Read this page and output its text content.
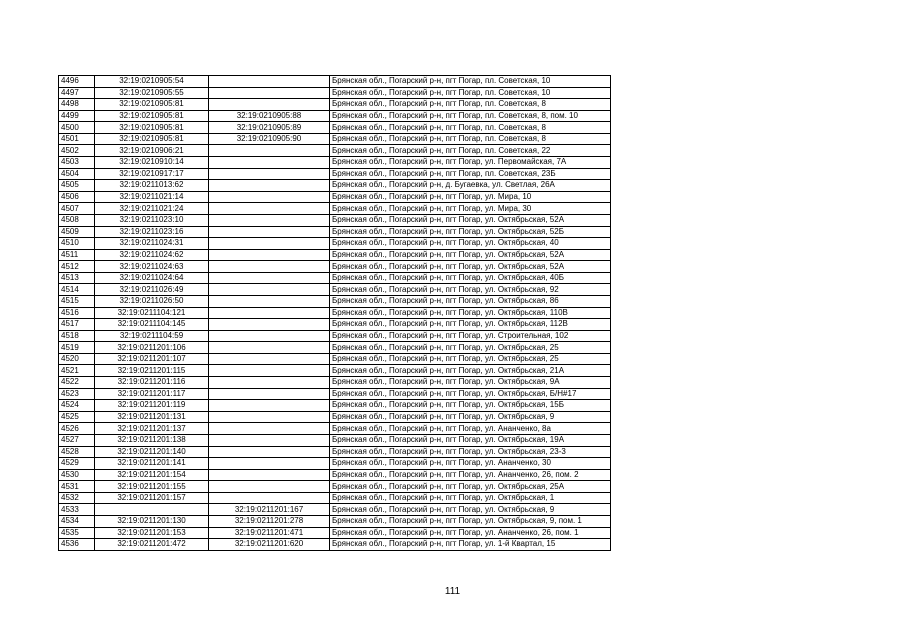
4496	32:19:0210905:54		Брянская обл., Погарский р-н, пгт Погар, пл. Советская, 10
4497	32:19:0210905:55		Брянская обл., Погарский р-н, пгт Погар, пл. Советская, 10
4498	32:19:0210905:81		Брянская обл., Погарский р-н, пгт Погар, пл. Советская, 8
4499	32:19:0210905:81	32:19:0210905:88	Брянская обл., Погарский р-н, пгт Погар, пл. Советская, 8, пом. 10
4500	32:19:0210905:81	32:19:0210905:89	Брянская обл., Погарский р-н, пгт Погар, пл. Советская, 8
4501	32:19:0210905:81	32:19:0210905:90	Брянская обл., Погарский р-н, пгт Погар, пл. Советская, 8
4502	32:19:0210906:21		Брянская обл., Погарский р-н, пгт Погар, пл. Советская, 22
4503	32:19:0210910:14		Брянская обл., Погарский р-н, пгт Погар, ул. Первомайская, 7А
4504	32:19:0210917:17		Брянская обл., Погарский р-н, пгт Погар, пл. Советская, 23Б
4505	32:19:0211013:62		Брянская обл., Погарский р-н, д. Бугаевка, ул. Светлая, 26А
4506	32:19:0211021:14		Брянская обл., Погарский р-н, пгт Погар, ул. Мира, 10
4507	32:19:0211021:24		Брянская обл., Погарский р-н, пгт Погар, ул. Мира, 30
4508	32:19:0211023:10		Брянская обл., Погарский р-н, пгт Погар, ул. Октябрьская, 52А
4509	32:19:0211023:16		Брянская обл., Погарский р-н, пгт Погар, ул. Октябрьская, 52Б
4510	32:19:0211024:31		Брянская обл., Погарский р-н, пгт Погар, ул. Октябрьская, 40
4511	32:19:0211024:62		Брянская обл., Погарский р-н, пгт Погар, ул. Октябрьская, 52А
4512	32:19:0211024:63		Брянская обл., Погарский р-н, пгт Погар, ул. Октябрьская, 52А
4513	32:19:0211024:64		Брянская обл., Погарский р-н, пгт Погар, ул. Октябрьская, 40Б
4514	32:19:0211026:49		Брянская обл., Погарский р-н, пгт Погар, ул. Октябрьская, 92
4515	32:19:0211026:50		Брянская обл., Погарский р-н, пгт Погар, ул. Октябрьская, 86
4516	32:19:0211104:121		Брянская обл., Погарский р-н, пгт Погар, ул. Октябрьская, 110В
4517	32:19:0211104:145		Брянская обл., Погарский р-н, пгт Погар, ул. Октябрьская, 112В
4518	32:19:0211104:59		Брянская обл., Погарский р-н, пгт Погар, ул. Строительная, 102
4519	32:19:0211201:106		Брянская обл., Погарский р-н, пгт Погар, ул. Октябрьская, 25
4520	32:19:0211201:107		Брянская обл., Погарский р-н, пгт Погар, ул. Октябрьская, 25
4521	32:19:0211201:115		Брянская обл., Погарский р-н, пгт Погар, ул. Октябрьская, 21А
4522	32:19:0211201:116		Брянская обл., Погарский р-н, пгт Погар, ул. Октябрьская, 9А
4523	32:19:0211201:117		Брянская обл., Погарский р-н, пгт Погар, ул. Октябрьская, Б/Н#17
4524	32:19:0211201:119		Брянская обл., Погарский р-н, пгт Погар, ул. Октябрьская, 15Б
4525	32:19:0211201:131		Брянская обл., Погарский р-н, пгт Погар, ул. Октябрьская, 9
4526	32:19:0211201:137		Брянская обл., Погарский р-н, пгт Погар, ул. Ананченко, 8а
4527	32:19:0211201:138		Брянская обл., Погарский р-н, пгт Погар, ул. Октябрьская, 19А
4528	32:19:0211201:140		Брянская обл., Погарский р-н, пгт Погар, ул. Октябрьская, 23-3
4529	32:19:0211201:141		Брянская обл., Погарский р-н, пгт Погар, ул. Ананченко, 30
4530	32:19:0211201:154		Брянская обл., Погарский р-н, пгт Погар, ул. Ананченко, 26, пом. 2
4531	32:19:0211201:155		Брянская обл., Погарский р-н, пгт Погар, ул. Октябрьская, 25А
4532	32:19:0211201:157		Брянская обл., Погарский р-н, пгт Погар, ул. Октябрьская, 1
4533		32:19:0211201:167	Брянская обл., Погарский р-н, пгт Погар, ул. Октябрьская, 9
4534	32:19:0211201:130	32:19:0211201:278	Брянская обл., Погарский р-н, пгт Погар, ул. Октябрьская, 9, пом. 1
4535	32:19:0211201:153	32:19:0211201:471	Брянская обл., Погарский р-н, пгт Погар, ул. Ананченко, 26, пом. 1
4536	32:19:0211201:472	32:19:0211201:620	Брянская обл., Погарский р-н, пгт Погар, ул. 1-й Квартал, 15
111
